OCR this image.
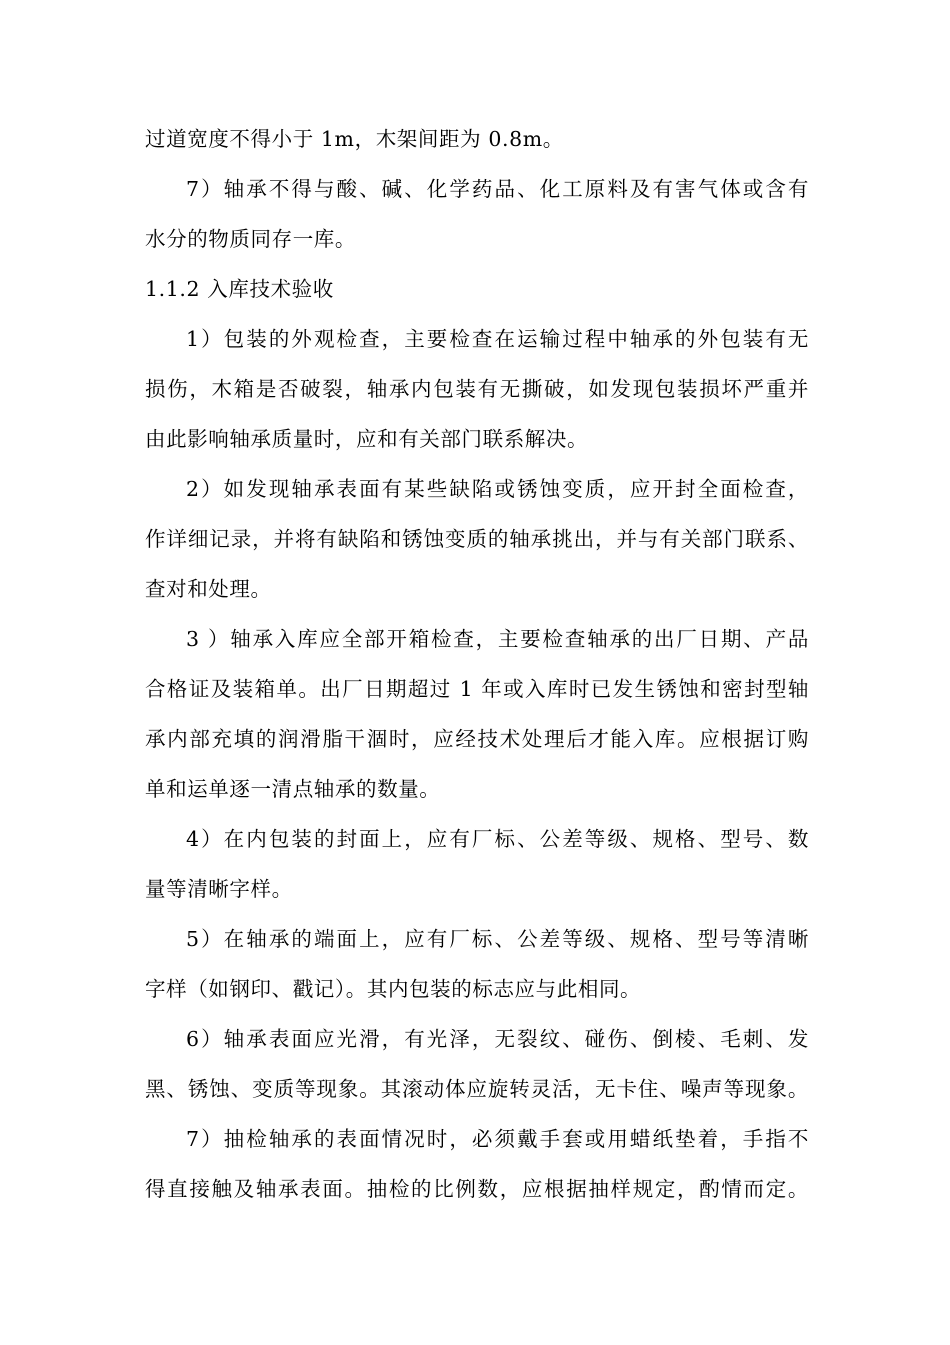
过道宽度不得小于 1m，木架间距为 0.8m。
7）轴承不得与酸、碱、化学药品、化工原料及有害气体或含有
水分的物质同存一库。
1.1.2 入库技术验收
1）包装的外观检查，主要检查在运输过程中轴承的外包装有无
损伤，木箱是否破裂，轴承内包装有无撕破，如发现包装损坏严重并
由此影响轴承质量时，应和有关部门联系解决。
2）如发现轴承表面有某些缺陷或锈蚀变质，应开封全面检查，
作详细记录，并将有缺陷和锈蚀变质的轴承挑出，并与有关部门联系、
查对和处理。
3 ）轴承入库应全部开箱检查，主要检查轴承的出厂日期、产品
合格证及装箱单。出厂日期超过 1 年或入库时已发生锈蚀和密封型轴
承内部充填的润滑脂干涸时，应经技术处理后才能入库。应根据订购
单和运单逐一清点轴承的数量。
4）在内包装的封面上，应有厂标、公差等级、规格、型号、数
量等清晰字样。
5）在轴承的端面上，应有厂标、公差等级、规格、型号等清晰
字样（如钢印、戳记）。其内包装的标志应与此相同。
6）轴承表面应光滑，有光泽，无裂纹、碰伤、倒棱、毛刺、发
黑、锈蚀、变质等现象。其滚动体应旋转灵活，无卡住、噪声等现象。
7）抽检轴承的表面情况时，必须戴手套或用蜡纸垫着，手指不
得直接触及轴承表面。抽检的比例数，应根据抽样规定，酌情而定。
